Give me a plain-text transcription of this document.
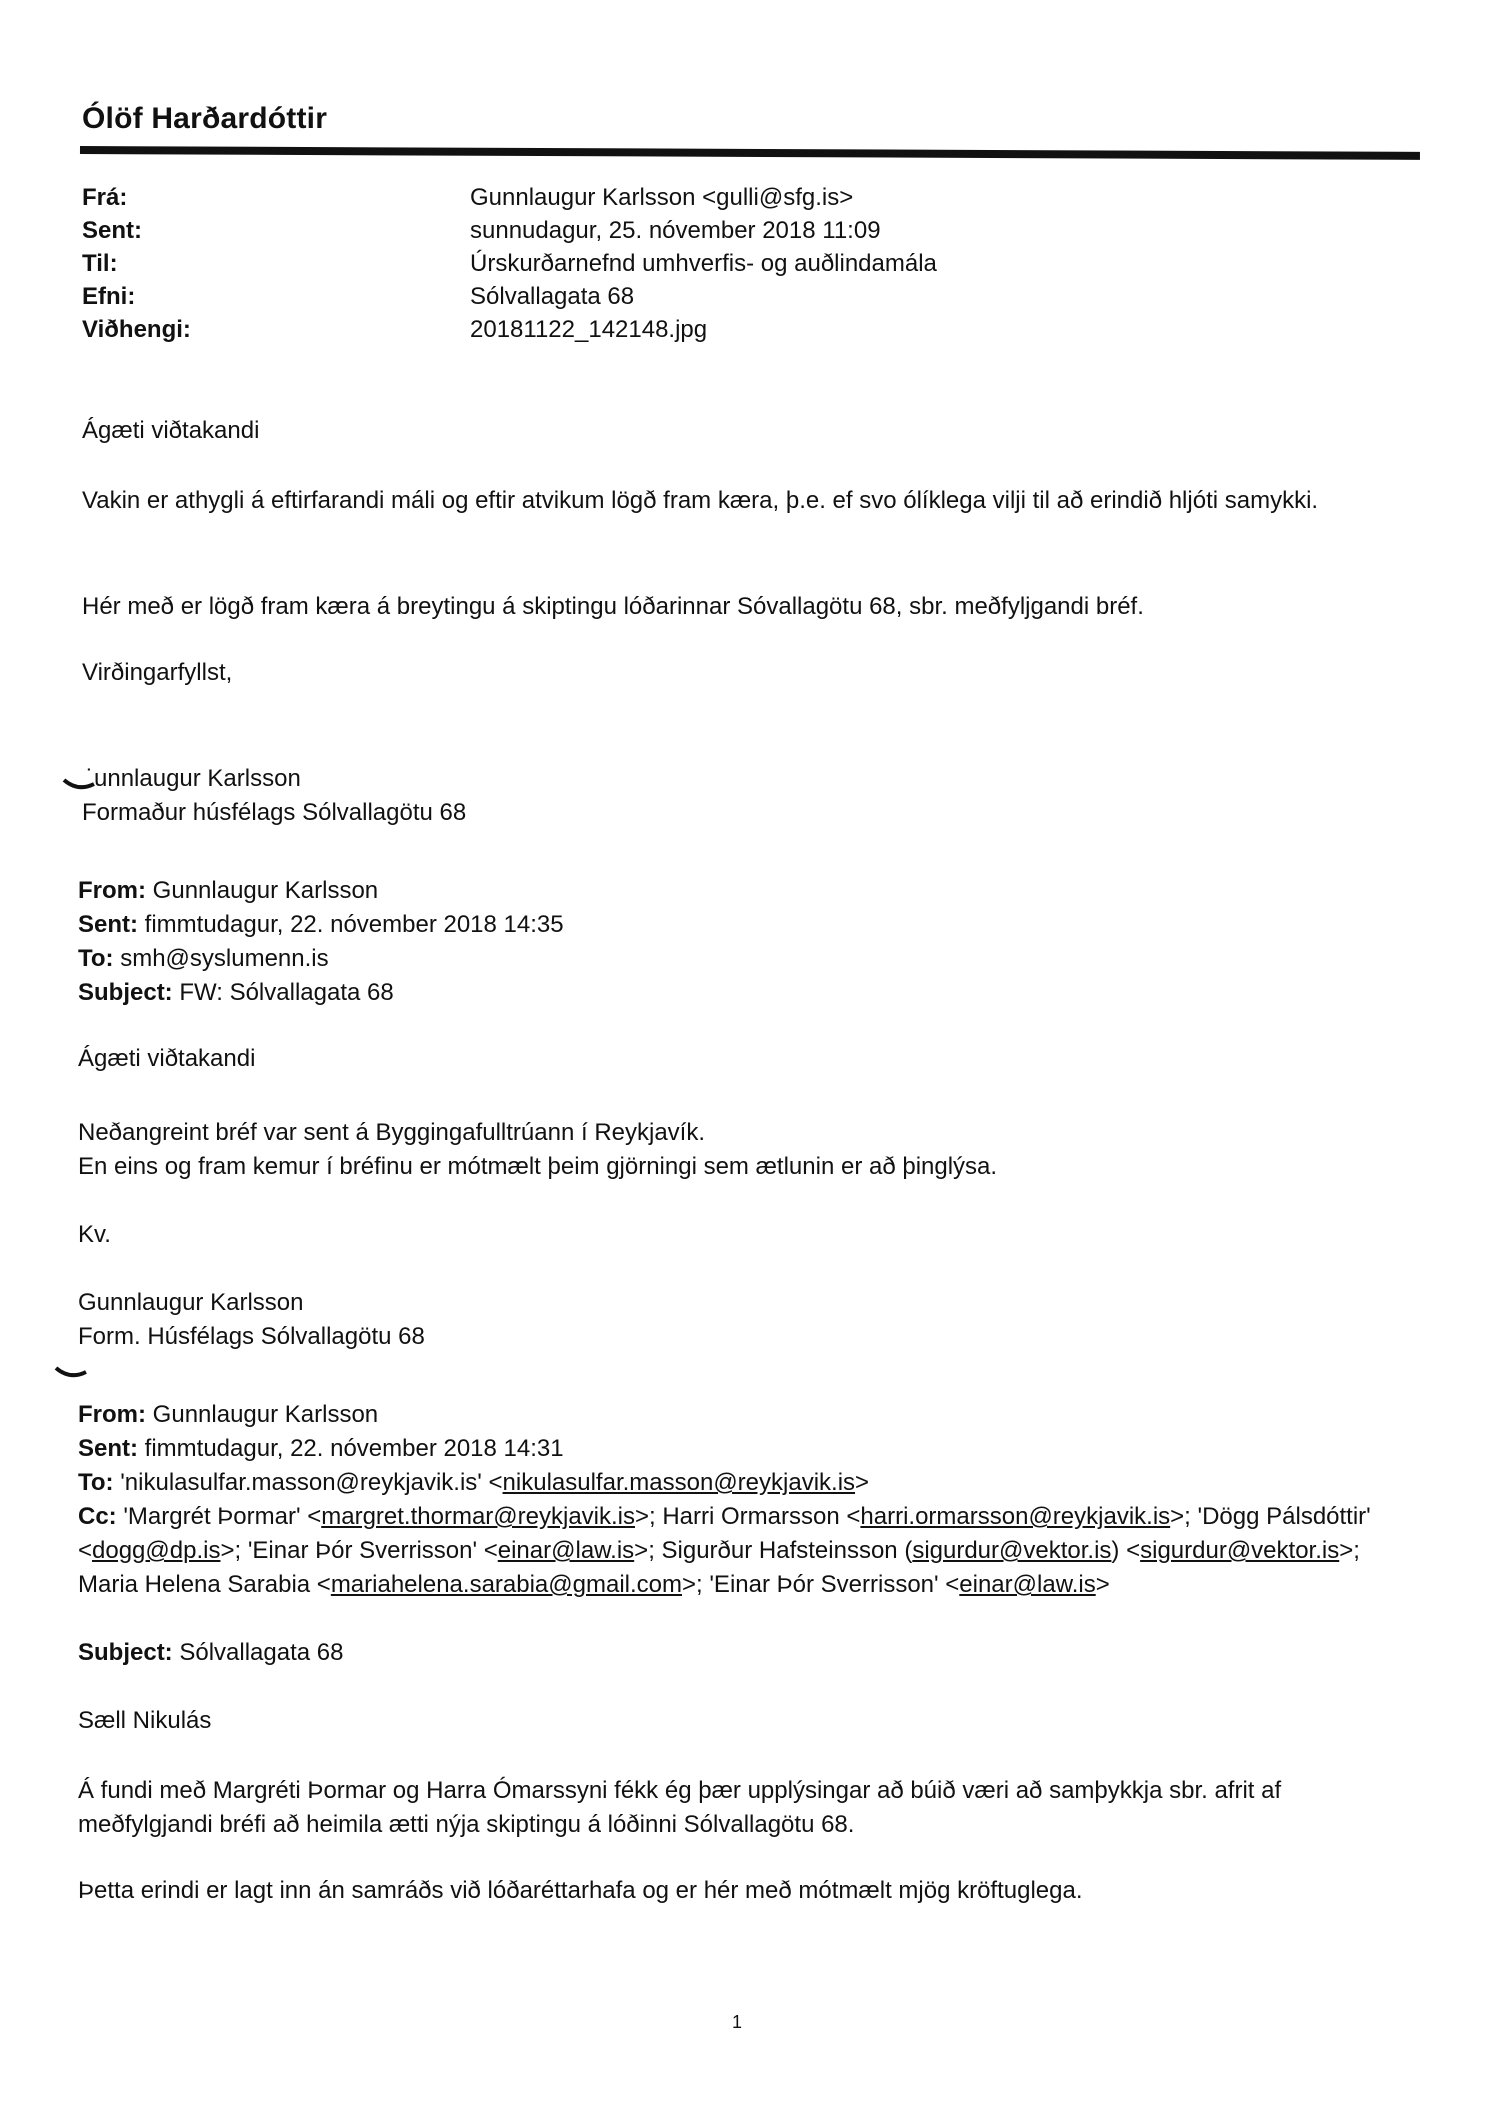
Ólöf Harðardóttir
Frá:	Gunnlaugur Karlsson <gulli@sfg.is>
Sent:	sunnudagur, 25. nóvember 2018 11:09
Til:	Úrskurðarnefnd umhverfis- og auðlindamála
Efni:	Sólvallagata 68
Viðhengi:	20181122_142148.jpg

Ágæti viðtakandi

Vakin er athygli á eftirfarandi máli og eftir atvikum lögð fram kæra, þ.e. ef svo ólíklega vilji til að erindið hljóti samykki.

Hér með er lögð fram kæra á breytingu á skiptingu lóðarinnar Sóvallagötu 68, sbr. meðfyljgandi bréf.

Virðingarfyllst,

˙unnlaugur Karlsson

Formaður húsfélags Sólvallagötu 68

From: Gunnlaugur Karlsson

Sent: fimmtudagur, 22. nóvember 2018 14:35

To: smh@syslumenn.is

Subject: FW: Sólvallagata 68

Ágæti viðtakandi

Neðangreint bréf var sent á Byggingafulltrúann í Reykjavík.

En eins og fram kemur í bréfinu er mótmælt þeim gjörningi sem ætlunin er að þinglýsa.

Kv.

Gunnlaugur Karlsson

Form. Húsfélags Sólvallagötu 68

From: Gunnlaugur Karlsson

Sent: fimmtudagur, 22. nóvember 2018 14:31

To: 'nikulasulfar.masson@reykjavik.is' <nikulasulfar.masson@reykjavik.is>

Cc: 'Margrét Þormar' <margret.thormar@reykjavik.is>; Harri Ormarsson <harri.ormarsson@reykjavik.is>; 'Dögg Pálsdóttir' <dogg@dp.is>; 'Einar Þór Sverrisson' <einar@law.is>; Sigurður Hafsteinsson (sigurdur@vektor.is) <sigurdur@vektor.is>; Maria Helena Sarabia <mariahelena.sarabia@gmail.com>; 'Einar Þór Sverrisson' <einar@law.is>

Subject: Sólvallagata 68

Sæll Nikulás

Á fundi með Margréti Þormar og Harra Ómarssyni fékk ég þær upplýsingar að búið væri að samþykkja sbr. afrit af meðfylgjandi bréfi að heimila ætti nýja skiptingu á lóðinni Sólvallagötu 68.

Þetta erindi er lagt inn án samráðs við lóðaréttarhafa og er hér með mótmælt mjög kröftuglega.

1
